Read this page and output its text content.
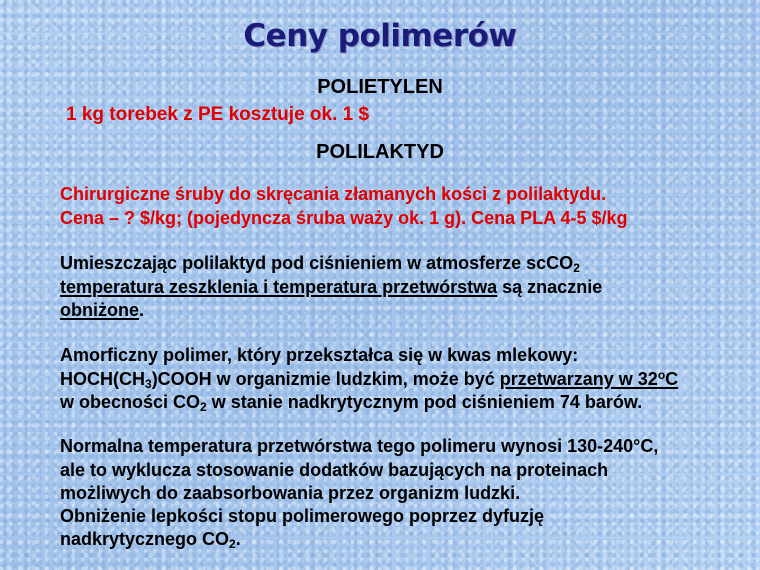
Ceny polimerów
POLIETYLEN
1 kg torebek z PE kosztuje ok. 1 $
POLILAKTYD
Chirurgiczne śruby do skręcania złamanych kości z polilaktydu.
Cena – ? $/kg; (pojedyncza śruba waży ok. 1 g). Cena PLA 4-5 $/kg
Umieszczając polilaktyd pod ciśnieniem w atmosferze scCO$_2$
temperatura zeszklenia i temperatura przetwórstwa są znacznie
obniżone.
Amorficzny polimer, który przekształca się w kwas mlekowy:
$HOCH(CH_3)COOH$ w organizmie ludzkim, może być przetwarzany w 32$^o$C
w obecności $CO_2$ w stanie nadkrytycznym pod ciśnieniem 74 barów.
Normalna temperatura przetwórstwa tego polimeru wynosi 130-240°C,
ale to wyklucza stosowanie dodatków bazujących na proteinach
możliwych do zaabsorbowania przez organizm ludzki.
Obniżenie lepkości stopu polimerowego poprzez dyfuzję
nadkrytycznego $CO_2$.
